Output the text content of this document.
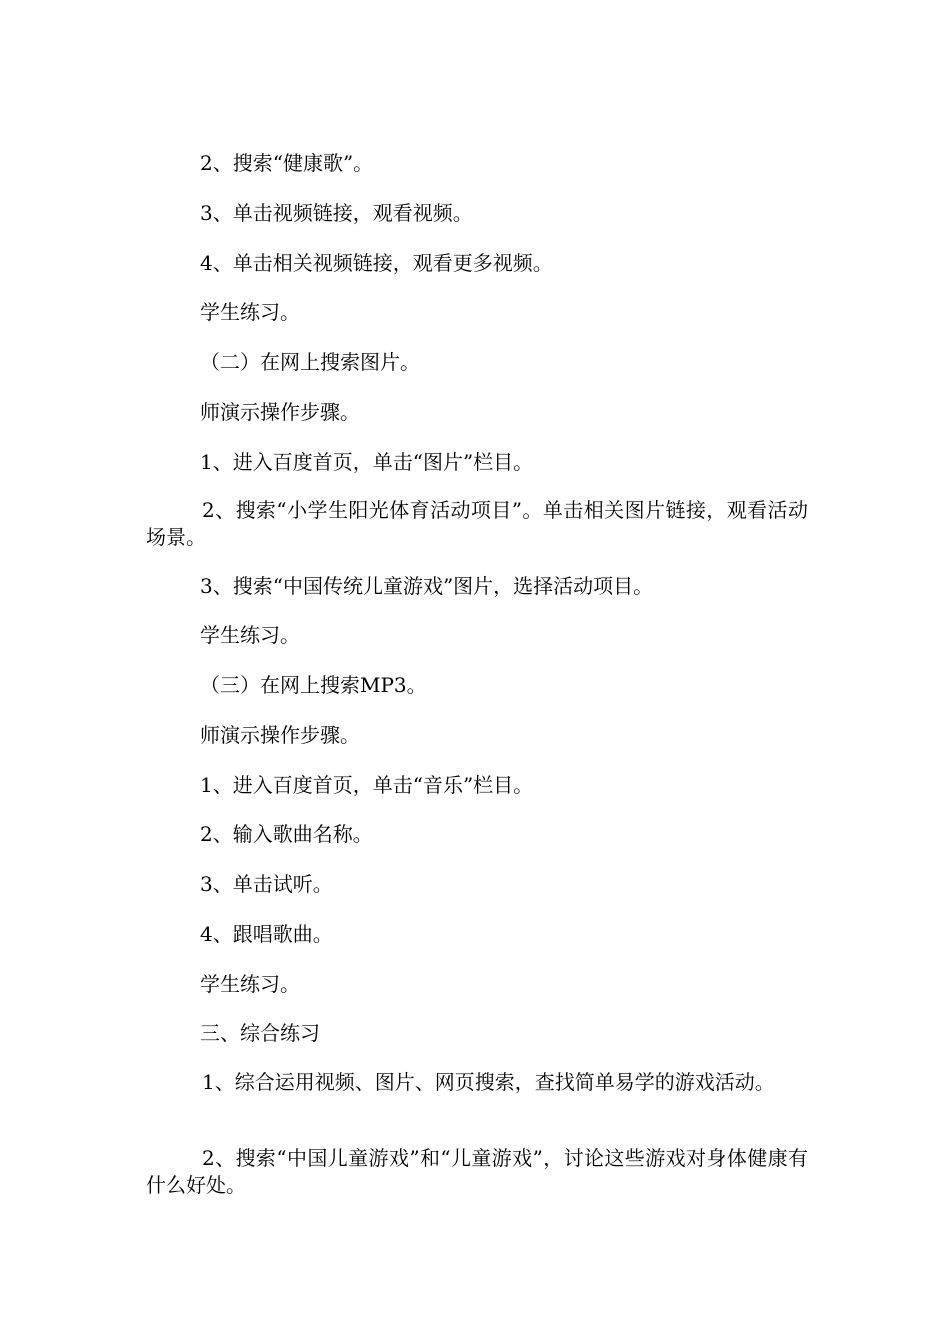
2、搜索“健康歌”。

3、单击视频链接，观看视频。

4、单击相关视频链接，观看更多视频。

学生练习。

（二）在网上搜索图片。

师演示操作步骤。

1、进入百度首页，单击“图片”栏目。

2、搜索“小学生阳光体育活动项目”。单击相关图片链接，观看活动场景。

3、搜索“中国传统儿童游戏”图片，选择活动项目。

学生练习。

（三）在网上搜索MP3。

师演示操作步骤。

1、进入百度首页，单击“音乐”栏目。

2、输入歌曲名称。

3、单击试听。

4、跟唱歌曲。

学生练习。

三、综合练习

1、综合运用视频、图片、网页搜索，查找简单易学的游戏活动。

2、搜索“中国儿童游戏”和“儿童游戏”，讨论这些游戏对身体健康有什么好处。
